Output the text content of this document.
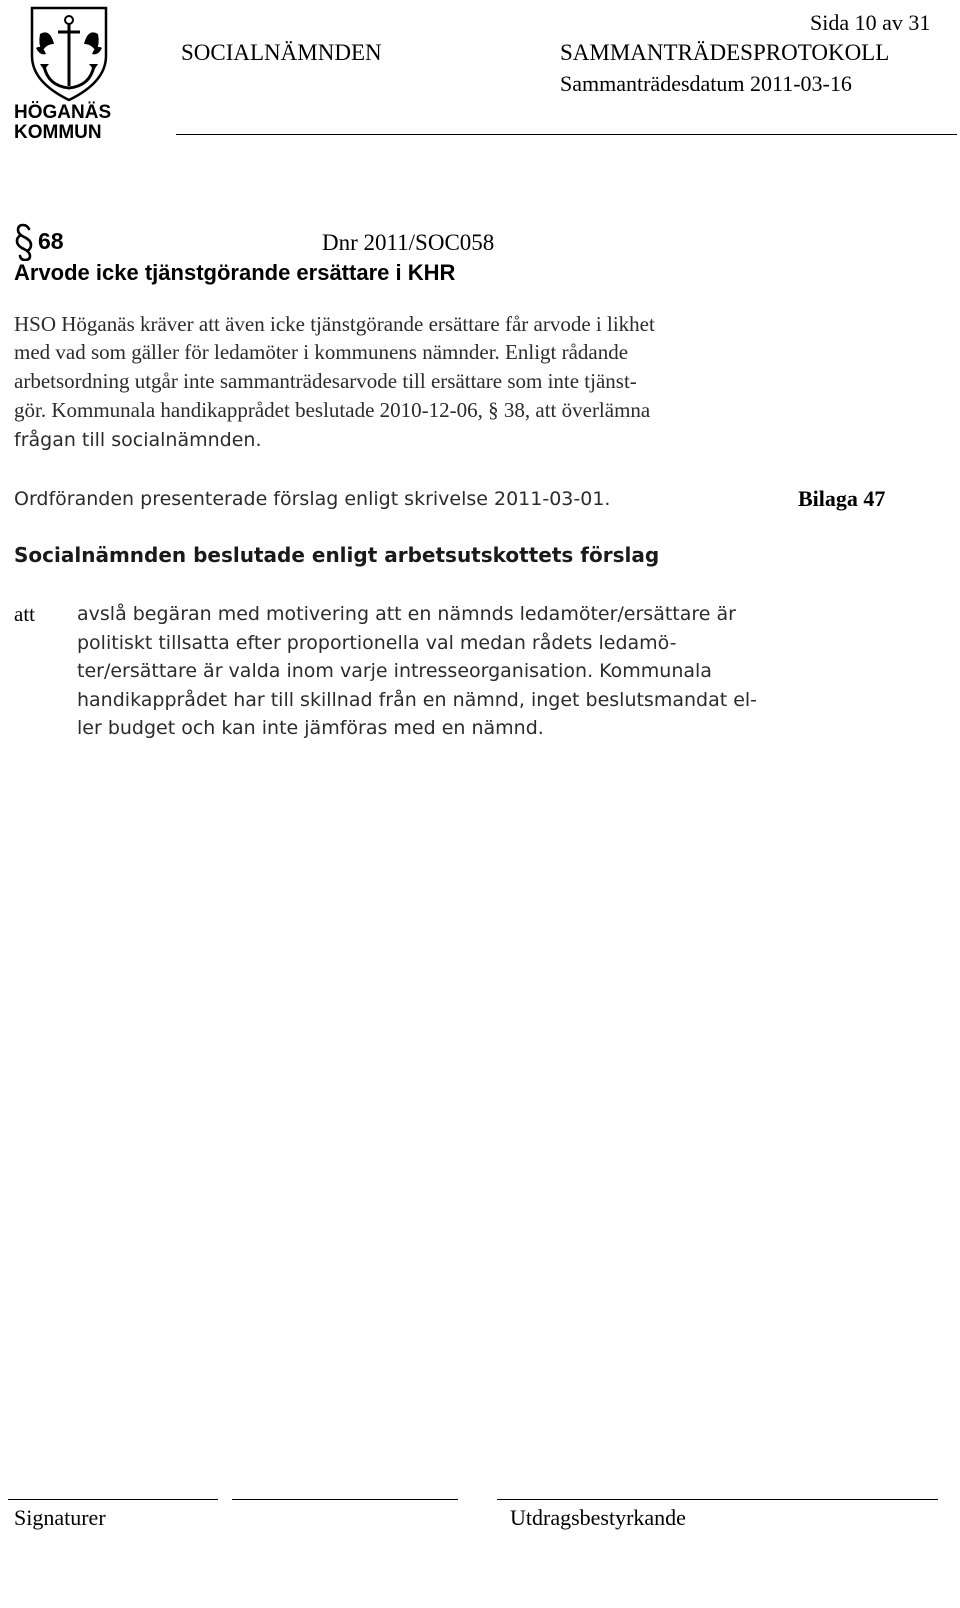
HÖGANÄS
KOMMUN
Sida 10 av 31
SOCIALNÄMNDEN	SAMMANTRÄDESPROTOKOLL
Sammanträdesdatum 2011-03-16
68	Dnr 2011/SOC058
Arvode icke tjänstgörande ersättare i KHR
HSO Höganäs kräver att även icke tjänstgörande ersättare får arvode i likhet
med vad som gäller för ledamöter i kommunens nämnder. Enligt rådande
arbetsordning utgår inte sammanträdesarvode till ersättare som inte tjänst-
gör. Kommunala handikapprådet beslutade 2010-12-06, § 38, att överlämna
frågan till socialnämnden.
Ordföranden presenterade förslag enligt skrivelse 2011-03-01.	Bilaga 47
Socialnämnden beslutade enligt arbetsutskottets förslag
att avslå begäran med motivering att en nämnds ledamöter/ersättare är
politiskt tillsatta efter proportionella val medan rådets ledamö-
ter/ersättare är valda inom varje intresseorganisation. Kommunala
handikapprådet har till skillnad från en nämnd, inget beslutsmandat el-
ler budget och kan inte jämföras med en nämnd.
Signaturer	Utdragsbestyrkande
